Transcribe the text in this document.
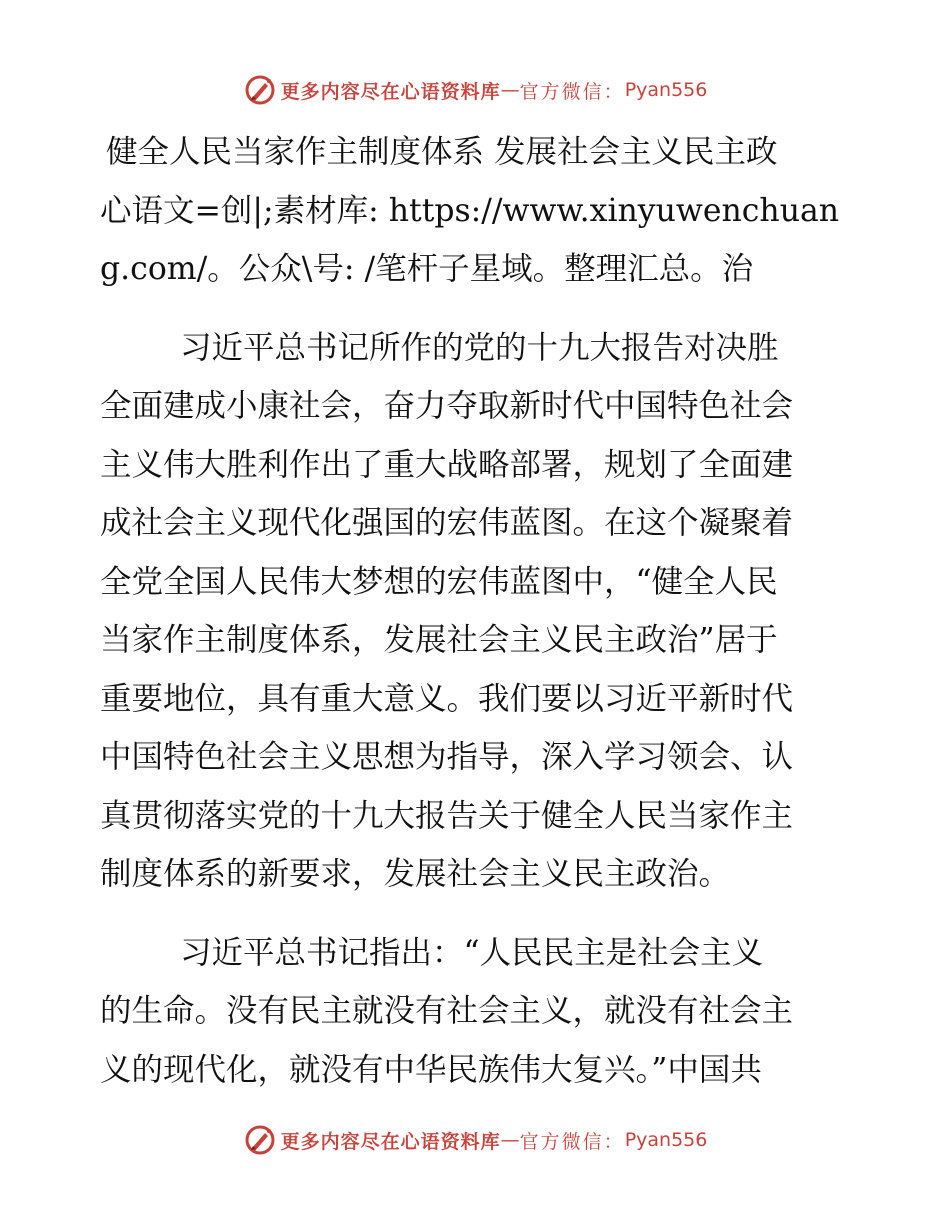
更多内容尽在心语资料库 — 官方微信： Pyan556
健全人民当家作主制度体系 发展社会主义民主政
心语文=创|;素材库: https://www.xinyuwenchuan
g.com/。公众\号: /笔杆子星域。整理汇总。治
习近平总书记所作的党的十九大报告对决胜
全面建成小康社会，奋力夺取新时代中国特色社会
主义伟大胜利作出了重大战略部署，规划了全面建
成社会主义现代化强国的宏伟蓝图。在这个凝聚着
全党全国人民伟大梦想的宏伟蓝图中，“健全人民
当家作主制度体系，发展社会主义民主政治”居于
重要地位，具有重大意义。我们要以习近平新时代
中国特色社会主义思想为指导，深入学习领会、认
真贯彻落实党的十九大报告关于健全人民当家作主
制度体系的新要求，发展社会主义民主政治。
习近平总书记指出：“人民民主是社会主义
的生命。没有民主就没有社会主义，就没有社会主
义的现代化，就没有中华民族伟大复兴。”中国共
更多内容尽在心语资料库 — 官方微信： Pyan556
